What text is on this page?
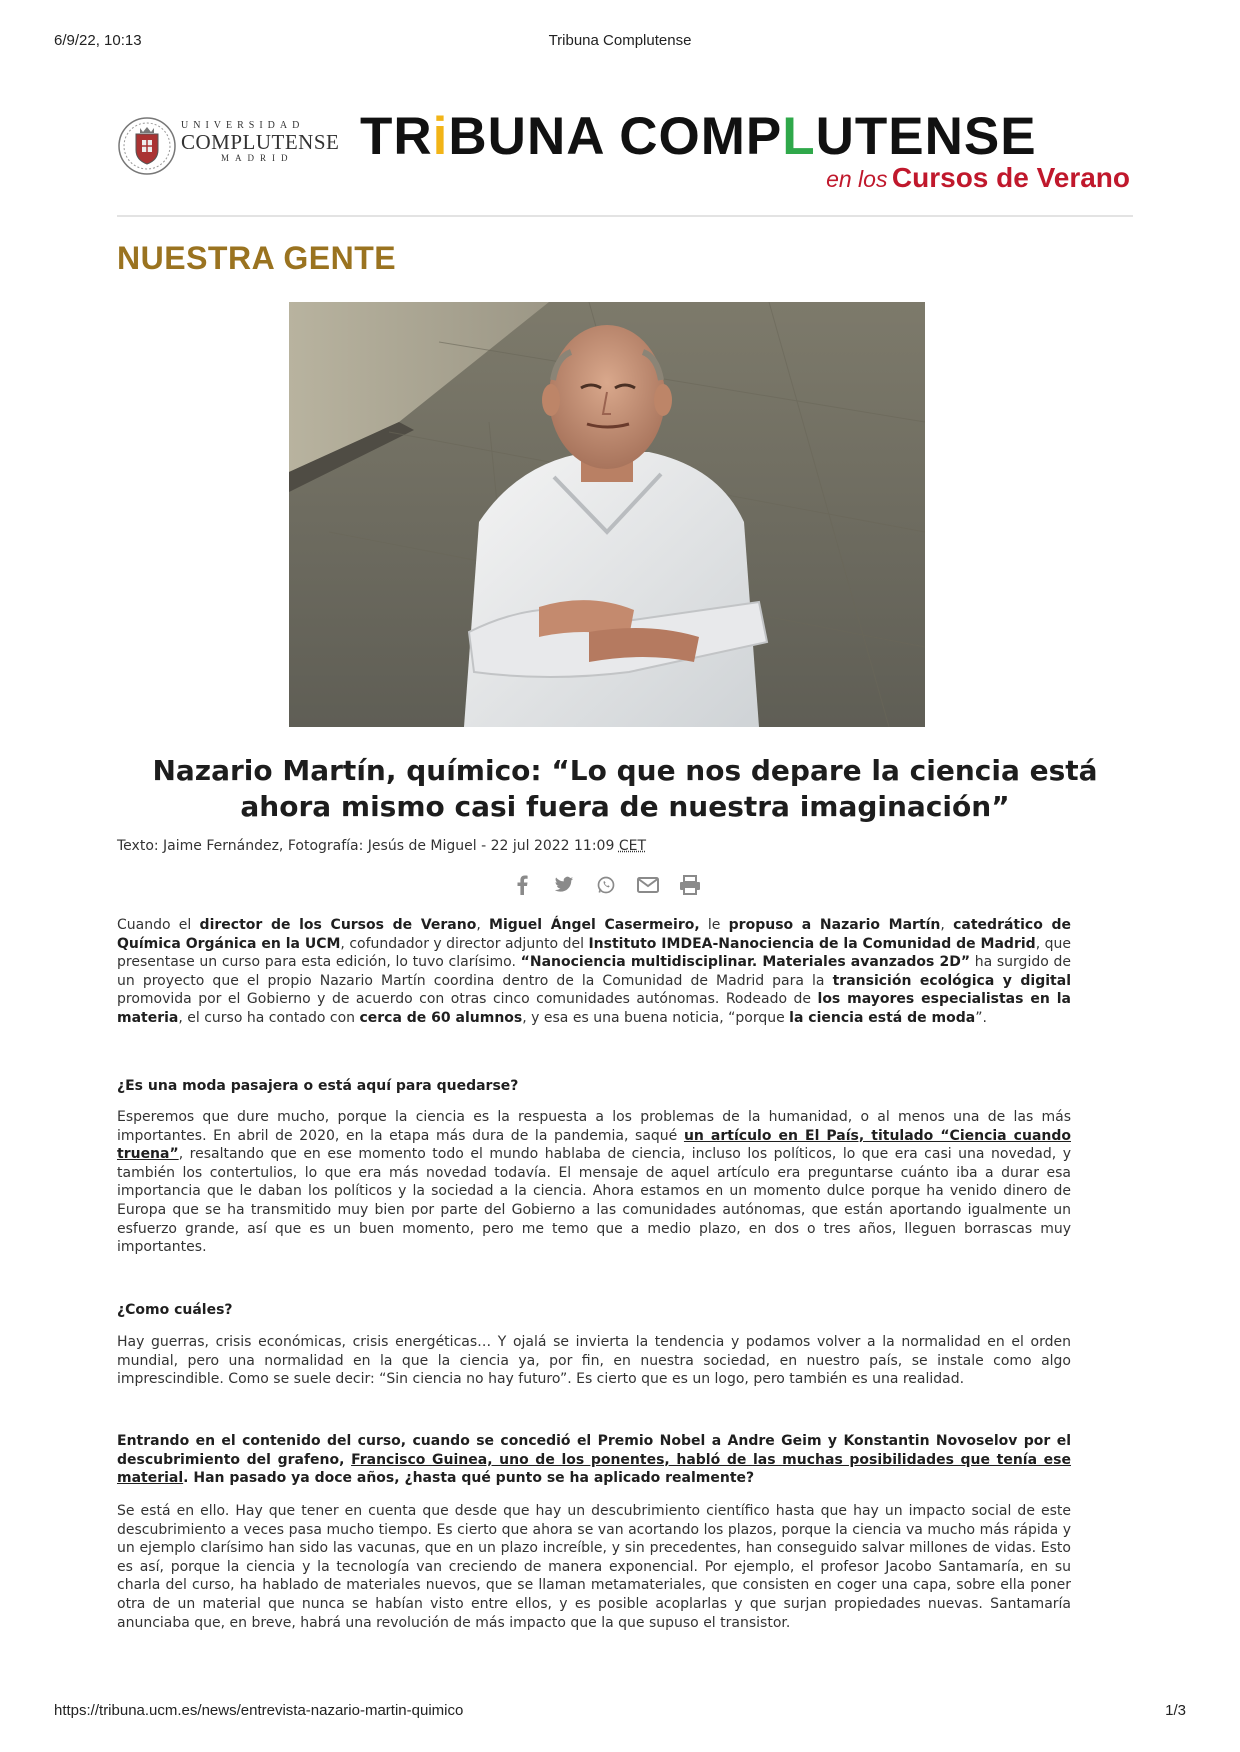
6/9/22, 10:13	Tribuna Complutense
UNIVERSIDAD
COMPLUTENSE
MADRID	TRiBUNA COMPLUTENSE
en los Cursos de Verano
NUESTRA GENTE
Nazario Martín, químico: “Lo que nos depare la ciencia está ahora mismo casi fuera de nuestra imaginación”
Texto: Jaime Fernández, Fotografía: Jesús de Miguel - 22 jul 2022 11:09 CET

Cuando el director de los Cursos de Verano, Miguel Ángel Casermeiro, le propuso a Nazario Martín, catedrático de Química Orgánica en la UCM, cofundador y director adjunto del Instituto IMDEA-Nanociencia de la Comunidad de Madrid, que presentase un curso para esta edición, lo tuvo clarísimo. “Nanociencia multidisciplinar. Materiales avanzados 2D” ha surgido de un proyecto que el propio Nazario Martín coordina dentro de la Comunidad de Madrid para la transición ecológica y digital promovida por el Gobierno y de acuerdo con otras cinco comunidades autónomas. Rodeado de los mayores especialistas en la materia, el curso ha contado con cerca de 60 alumnos, y esa es una buena noticia, “porque la ciencia está de moda”.

¿Es una moda pasajera o está aquí para quedarse?

Esperemos que dure mucho, porque la ciencia es la respuesta a los problemas de la humanidad, o al menos una de las más importantes. En abril de 2020, en la etapa más dura de la pandemia, saqué un artículo en El País, titulado “Ciencia cuando truena”, resaltando que en ese momento todo el mundo hablaba de ciencia, incluso los políticos, lo que era casi una novedad, y también los contertulios, lo que era más novedad todavía. El mensaje de aquel artículo era preguntarse cuánto iba a durar esa importancia que le daban los políticos y la sociedad a la ciencia. Ahora estamos en un momento dulce porque ha venido dinero de Europa que se ha transmitido muy bien por parte del Gobierno a las comunidades autónomas, que están aportando igualmente un esfuerzo grande, así que es un buen momento, pero me temo que a medio plazo, en dos o tres años, lleguen borrascas muy importantes.

¿Como cuáles?
Hay guerras, crisis económicas, crisis energéticas… Y ojalá se invierta la tendencia y podamos volver a la normalidad en el orden mundial, pero una normalidad en la que la ciencia ya, por fin, en nuestra sociedad, en nuestro país, se instale como algo imprescindible. Como se suele decir: “Sin ciencia no hay futuro”. Es cierto que es un logo, pero también es una realidad.

Entrando en el contenido del curso, cuando se concedió el Premio Nobel a Andre Geim y Konstantin Novoselov por el descubrimiento del grafeno, Francisco Guinea, uno de los ponentes, habló de las muchas posibilidades que tenía ese material. Han pasado ya doce años, ¿hasta qué punto se ha aplicado realmente?

Se está en ello. Hay que tener en cuenta que desde que hay un descubrimiento científico hasta que hay un impacto social de este descubrimiento a veces pasa mucho tiempo. Es cierto que ahora se van acortando los plazos, porque la ciencia va mucho más rápida y un ejemplo clarísimo han sido las vacunas, que en un plazo increíble, y sin precedentes, han conseguido salvar millones de vidas. Esto es así, porque la ciencia y la tecnología van creciendo de manera exponencial. Por ejemplo, el profesor Jacobo Santamaría, en su charla del curso, ha hablado de materiales nuevos, que se llaman metamateriales, que consisten en coger una capa, sobre ella poner otra de un material que nunca se habían visto entre ellos, y es posible acoplarlas y que surjan propiedades nuevas. Santamaría anunciaba que, en breve, habrá una revolución de más impacto que la que supuso el transistor.
https://tribuna.ucm.es/news/entrevista-nazario-martin-quimico	1/3
